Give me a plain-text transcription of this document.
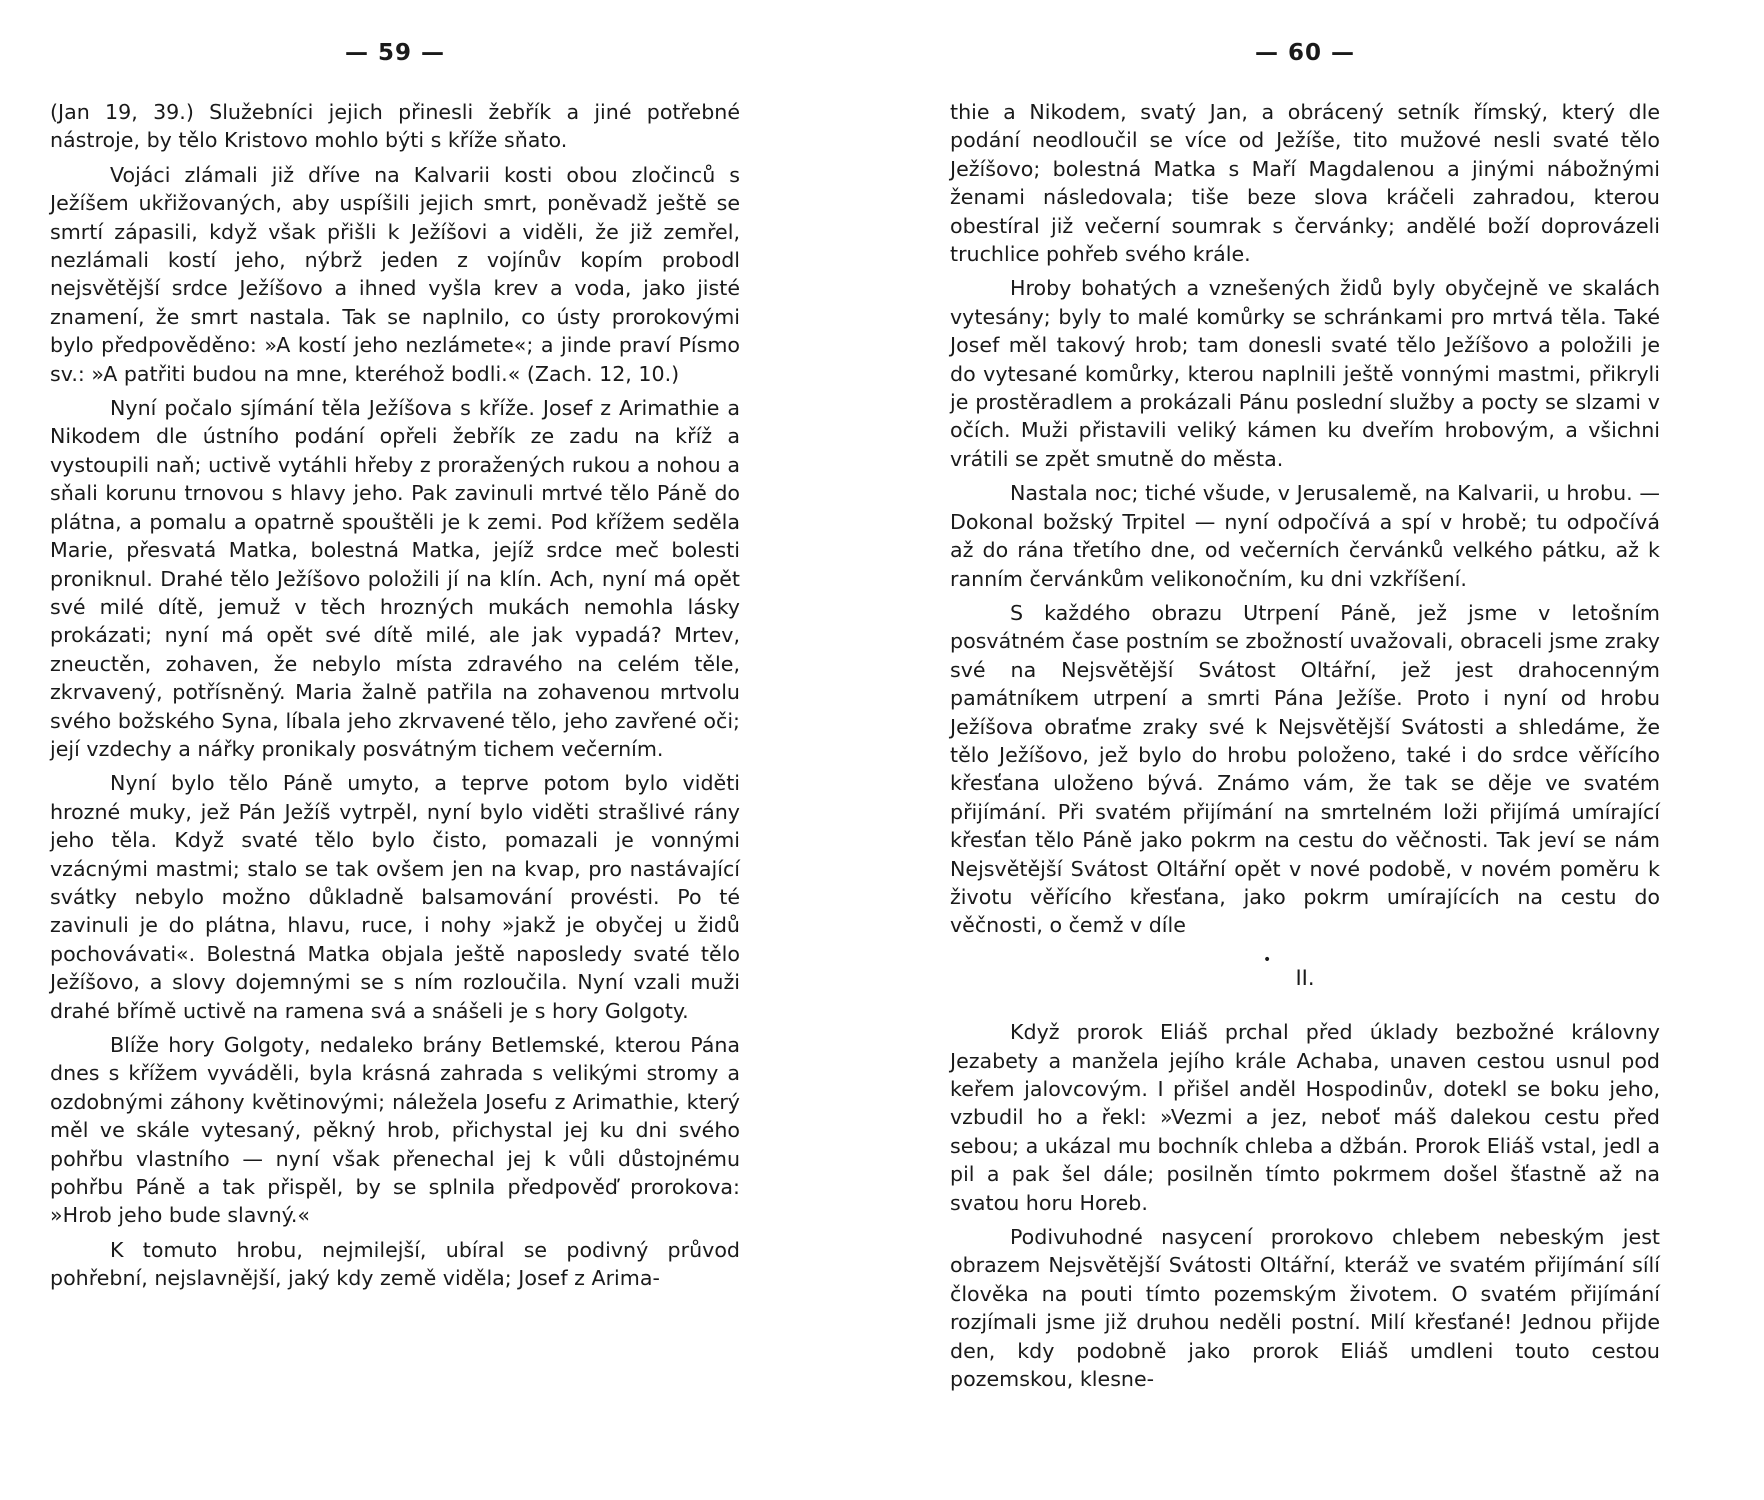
— 59 —

(Jan 19, 39.) Služebníci jejich přinesli žebřík a jiné potřebné nástroje, by tělo Kristovo mohlo býti s kříže sňato.

Vojáci zlámali již dříve na Kalvarii kosti obou zločinců s Ježíšem ukřižovaných, aby uspíšili jejich smrt, poněvadž ještě se smrtí zápasili, když však přišli k Ježíšovi a viděli, že již zemřel, nezlámali kostí jeho, nýbrž jeden z vojínův kopím probodl nejsvětější srdce Ježíšovo a ihned vyšla krev a voda, jako jisté znamení, že smrt nastala. Tak se naplnilo, co ústy prorokovými bylo předpověděno: »A kostí jeho nezlámete«; a jinde praví Písmo sv.: »A patřiti budou na mne, kteréhož bodli.« (Zach. 12, 10.)

Nyní počalo sjímání těla Ježíšova s kříže. Josef z Arimathie a Nikodem dle ústního podání opřeli žebřík ze zadu na kříž a vystoupili naň; uctivě vytáhli hřeby z proražených rukou a nohou a sňali korunu trnovou s hlavy jeho. Pak zavinuli mrtvé tělo Páně do plátna, a pomalu a opatrně spouštěli je k zemi. Pod křížem seděla Marie, přesvatá Matka, bolestná Matka, jejíž srdce meč bolesti proniknul. Drahé tělo Ježíšovo položili jí na klín. Ach, nyní má opět své milé dítě, jemuž v těch hrozných mukách nemohla lásky prokázati; nyní má opět své dítě milé, ale jak vypadá? Mrtev, zneuctěn, zohaven, že nebylo místa zdravého na celém těle, zkrvavený, potřísněný. Maria žalně patřila na zohavenou mrtvolu svého božského Syna, líbala jeho zkrvavené tělo, jeho zavřené oči; její vzdechy a nářky pronikaly posvátným tichem večerním.

Nyní bylo tělo Páně umyto, a teprve potom bylo viděti hrozné muky, jež Pán Ježíš vytrpěl, nyní bylo viděti strašlivé rány jeho těla. Když svaté tělo bylo čisto, pomazali je vonnými vzácnými mastmi; stalo se tak ovšem jen na kvap, pro nastávající svátky nebylo možno důkladně balsamování provésti. Po té zavinuli je do plátna, hlavu, ruce, i nohy »jakž je obyčej u židů pochovávati«. Bolestná Matka objala ještě naposledy svaté tělo Ježíšovo, a slovy dojemnými se s ním rozloučila. Nyní vzali muži drahé břímě uctivě na ramena svá a snášeli je s hory Golgoty.

Blíže hory Golgoty, nedaleko brány Betlemské, kterou Pána dnes s křížem vyváděli, byla krásná zahrada s velikými stromy a ozdobnými záhony květinovými; náležela Josefu z Arimathie, který měl ve skále vytesaný, pěkný hrob, přichystal jej ku dni svého pohřbu vlastního — nyní však přenechal jej k vůli důstojnému pohřbu Páně a tak přispěl, by se splnila předpověď prorokova: »Hrob jeho bude slavný.«

K tomuto hrobu, nejmilejší, ubíral se podivný průvod pohřební, nejslavnější, jaký kdy země viděla; Josef z Arima-

— 60 —

thie a Nikodem, svatý Jan, a obrácený setník římský, který dle podání neodloučil se více od Ježíše, tito mužové nesli svaté tělo Ježíšovo; bolestná Matka s Maří Magdalenou a jinými nábožnými ženami následovala; tiše beze slova kráčeli zahradou, kterou obestíral již večerní soumrak s červánky; andělé boží doprovázeli truchlice pohřeb svého krále.

Hroby bohatých a vznešených židů byly obyčejně ve skalách vytesány; byly to malé komůrky se schránkami pro mrtvá těla. Také Josef měl takový hrob; tam donesli svaté tělo Ježíšovo a položili je do vytesané komůrky, kterou naplnili ještě vonnými mastmi, přikryli je prostěradlem a prokázali Pánu poslední služby a pocty se slzami v očích. Muži přistavili veliký kámen ku dveřím hrobovým, a všichni vrátili se zpět smutně do města.

Nastala noc; tiché všude, v Jerusalemě, na Kalvarii, u hrobu. — Dokonal božský Trpitel — nyní odpočívá a spí v hrobě; tu odpočívá až do rána třetího dne, od večerních červánků velkého pátku, až k ranním červánkům velikonočním, ku dni vzkříšení.

S každého obrazu Utrpení Páně, jež jsme v letošním posvátném čase postním se zbožností uvažovali, obraceli jsme zraky své na Nejsvětější Svátost Oltářní, jež jest drahocenným památníkem utrpení a smrti Pána Ježíše. Proto i nyní od hrobu Ježíšova obraťme zraky své k Nejsvětější Svátosti a shledáme, že tělo Ježíšovo, jež bylo do hrobu položeno, také i do srdce věřícího křesťana uloženo bývá. Známo vám, že tak se děje ve svatém přijímání. Při svatém přijímání na smrtelném loži přijímá umírající křesťan tělo Páně jako pokrm na cestu do věčnosti. Tak jeví se nám Nejsvětější Svátost Oltářní opět v nové podobě, v novém poměru k životu věřícího křesťana, jako pokrm umírajících na cestu do věčnosti, o čemž v díle

•
II.

Když prorok Eliáš prchal před úklady bezbožné královny Jezabety a manžela jejího krále Achaba, unaven cestou usnul pod keřem jalovcovým. I přišel anděl Hospodinův, dotekl se boku jeho, vzbudil ho a řekl: »Vezmi a jez, neboť máš dalekou cestu před sebou; a ukázal mu bochník chleba a džbán. Prorok Eliáš vstal, jedl a pil a pak šel dále; posilněn tímto pokrmem došel šťastně až na svatou horu Horeb.

Podivuhodné nasycení prorokovo chlebem nebeským jest obrazem Nejsvětější Svátosti Oltářní, kteráž ve svatém přijímání sílí člověka na pouti tímto pozemským životem. O svatém přijímání rozjímali jsme již druhou neděli postní. Milí křesťané! Jednou přijde den, kdy podobně jako prorok Eliáš umdleni touto cestou pozemskou, klesne-
